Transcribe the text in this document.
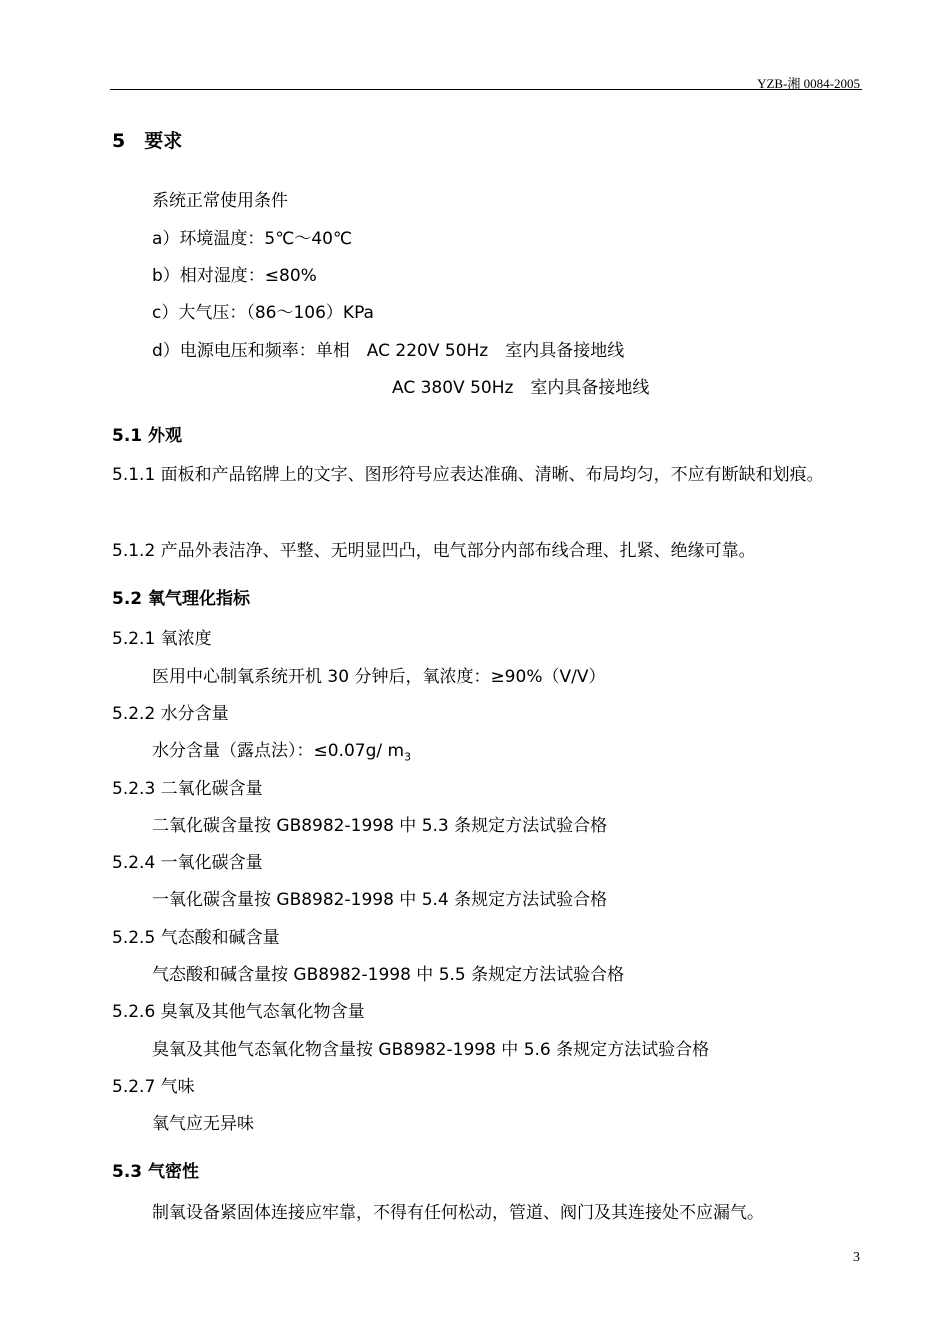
YZB-湘 0084-2005
5　要求
系统正常使用条件
a）环境温度：5℃～40℃
b）相对湿度：≤80%
c）大气压：（86～106）KPa
d）电源电压和频率：单相　AC 220V 50Hz　室内具备接地线
AC 380V 50Hz　室内具备接地线
5.1 外观
5.1.1 面板和产品铭牌上的文字、图形符号应表达准确、清晰、布局均匀，不应有断缺和划痕。
5.1.2 产品外表洁净、平整、无明显凹凸，电气部分内部布线合理、扎紧、绝缘可靠。
5.2 氧气理化指标
5.2.1 氧浓度
医用中心制氧系统开机 30 分钟后，氧浓度：≥90%（V/V）
5.2.2 水分含量
水分含量（露点法）：≤0.07g/ $m_3$
5.2.3 二氧化碳含量
二氧化碳含量按 GB8982-1998 中 5.3 条规定方法试验合格
5.2.4 一氧化碳含量
一氧化碳含量按 GB8982-1998 中 5.4 条规定方法试验合格
5.2.5 气态酸和碱含量
气态酸和碱含量按 GB8982-1998 中 5.5 条规定方法试验合格
5.2.6 臭氧及其他气态氧化物含量
臭氧及其他气态氧化物含量按 GB8982-1998 中 5.6 条规定方法试验合格
5.2.7 气味
氧气应无异味
5.3 气密性
制氧设备紧固体连接应牢靠，不得有任何松动，管道、阀门及其连接处不应漏气。
3
